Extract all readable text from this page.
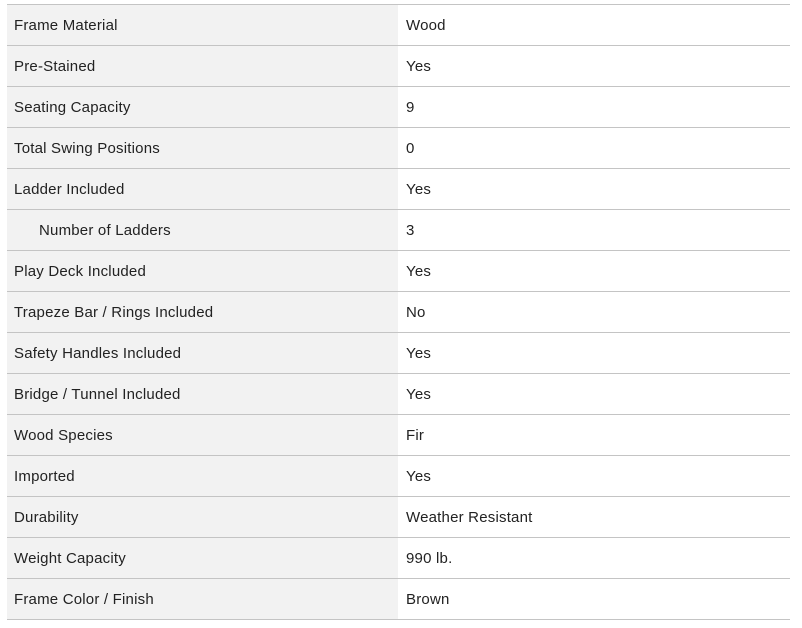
Frame Material	Wood
Pre-Stained	Yes
Seating Capacity	9
Total Swing Positions	0
Ladder Included	Yes
Number of Ladders	3
Play Deck Included	Yes
Trapeze Bar / Rings Included	No
Safety Handles Included	Yes
Bridge / Tunnel Included	Yes
Wood Species	Fir
Imported	Yes
Durability	Weather Resistant
Weight Capacity	990 lb.
Frame Color / Finish	Brown
